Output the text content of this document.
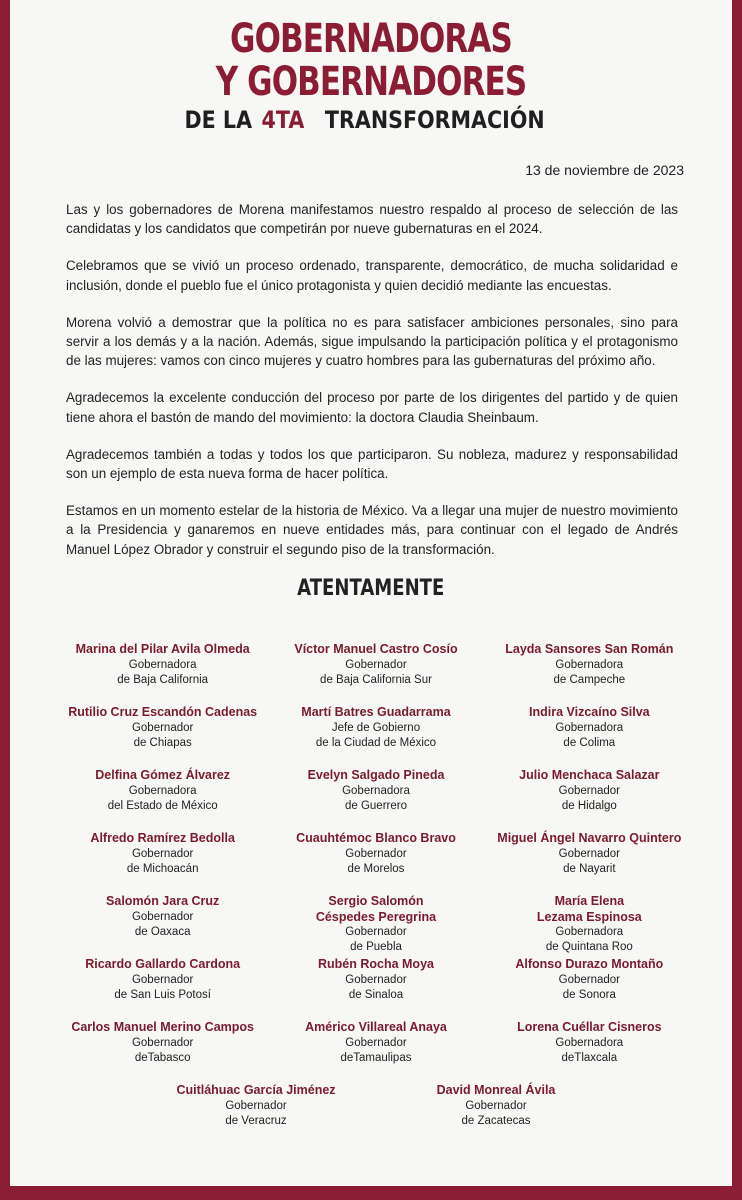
GOBERNADORAS
Y GOBERNADORES
DE LA4TATRANSFORMACIÓN
13 de noviembre de 2023

Las y los gobernadores de Morena manifestamos nuestro respaldo al proceso de selección de las candidatas y los candidatos que competirán por nueve gubernaturas en el 2024.

Celebramos que se vivió un proceso ordenado, transparente, democrático, de mucha solidaridad e inclusión, donde el pueblo fue el único protagonista y quien decidió mediante las encuestas.

Morena volvió a demostrar que la política no es para satisfacer ambiciones personales, sino para servir a los demás y a la nación. Además, sigue impulsando la participación política y el protagonismo de las mujeres: vamos con cinco mujeres y cuatro hombres para las gubernaturas del próximo año.

Agradecemos la excelente conducción del proceso por parte de los dirigentes del partido y de quien tiene ahora el bastón de mando del movimiento: la doctora Claudia Sheinbaum.

Agradecemos también a todas y todos los que participaron. Su nobleza, madurez y responsabilidad son un ejemplo de esta nueva forma de hacer política.

Estamos en un momento estelar de la historia de México. Va a llegar una mujer de nuestro movimiento a la Presidencia y ganaremos en nueve entidades más, para continuar con el legado de Andrés Manuel López Obrador y construir el segundo piso de la transformación.

ATENTAMENTE
Marina del Pilar Avila Olmeda
Gobernadora
de Baja California
Víctor Manuel Castro Cosío
Gobernador
de Baja California Sur
Layda Sansores San Román
Gobernadora
de Campeche
Rutilio Cruz Escandón Cadenas
Gobernador
de Chiapas
Martí Batres Guadarrama
Jefe de Gobierno
de la Ciudad de México
Indira Vizcaíno Silva
Gobernadora
de Colima
Delfina Gómez Álvarez
Gobernadora
del Estado de México
Evelyn Salgado Pineda
Gobernadora
de Guerrero
Julio Menchaca Salazar
Gobernador
de Hidalgo
Alfredo Ramírez Bedolla
Gobernador
de Michoacán
Cuauhtémoc Blanco Bravo
Gobernador
de Morelos
Miguel Ángel Navarro Quintero
Gobernador
de Nayarit
Salomón Jara Cruz
Gobernador
de Oaxaca
Sergio Salomón
Céspedes Peregrina
Gobernador
de Puebla
María Elena
Lezama Espinosa
Gobernadora
de Quintana Roo
Ricardo Gallardo Cardona
Gobernador
de San Luis Potosí
Rubén Rocha Moya
Gobernador
de Sinaloa
Alfonso Durazo Montaño
Gobernador
de Sonora
Carlos Manuel Merino Campos
Gobernador
deTabasco
Américo Villareal Anaya
Gobernador
deTamaulipas
Lorena Cuéllar Cisneros
Gobernadora
deTlaxcala
Cuitláhuac García Jiménez
Gobernador
de Veracruz
David Monreal Ávila
Gobernador
de Zacatecas
